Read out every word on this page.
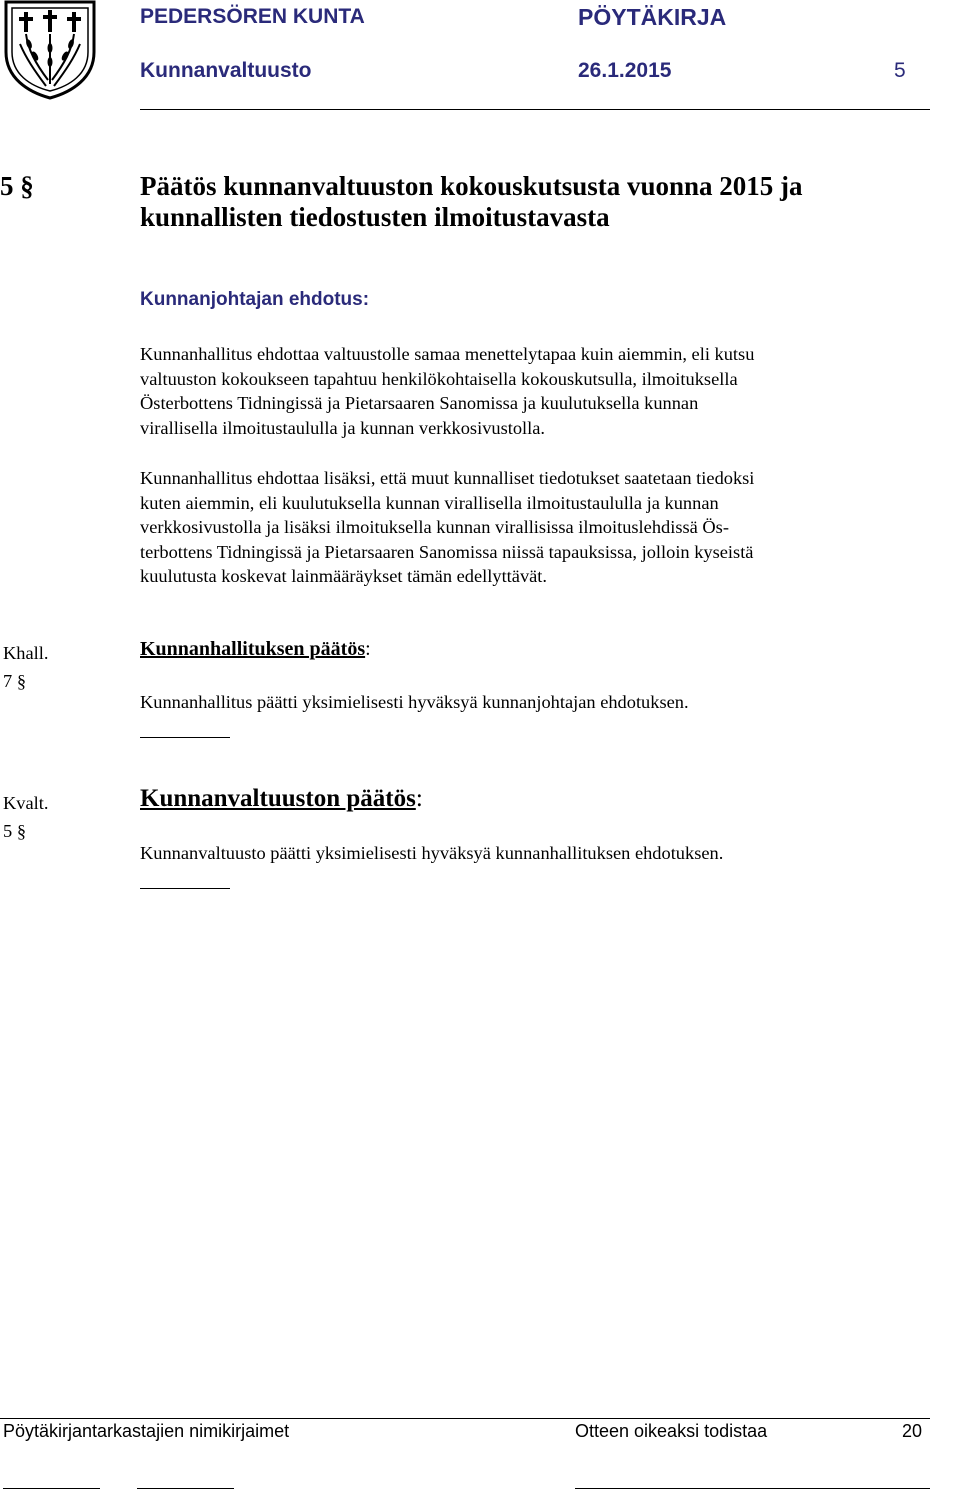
PEDERSÖREN KUNTA	PÖYTÄKIRJA
Kunnanvaltuusto	26.1.2015	5
5 §	Päätös kunnanvaltuuston kokouskutsusta vuonna 2015 ja
kunnallisten tiedostusten ilmoitustavasta
Kunnanjohtajan ehdotus:
Kunnanhallitus ehdottaa valtuustolle samaa menettelytapaa kuin aiemmin, eli kutsu
valtuuston kokoukseen tapahtuu henkilökohtaisella kokouskutsulla, ilmoituksella
Österbottens Tidningissä ja Pietarsaaren Sanomissa ja kuulutuksella kunnan
virallisella ilmoitustaululla ja kunnan verkkosivustolla.
Kunnanhallitus ehdottaa lisäksi, että muut kunnalliset tiedotukset saatetaan tiedoksi
kuten aiemmin, eli kuulutuksella kunnan virallisella ilmoitustaululla ja kunnan
verkkosivustolla ja lisäksi ilmoituksella kunnan virallisissa ilmoituslehdissä Ös-
terbottens Tidningissä ja Pietarsaaren Sanomissa niissä tapauksissa, jolloin kyseistä
kuulutusta koskevat lainmääräykset tämän edellyttävät.
Khall.
7 §
Kunnanhallituksen päätös:
Kunnanhallitus päätti yksimielisesti hyväksyä kunnanjohtajan ehdotuksen.
Kvalt.
5 §
Kunnanvaltuuston päätös:
Kunnanvaltuusto päätti yksimielisesti hyväksyä kunnanhallituksen ehdotuksen.
Pöytäkirjantarkastajien nimikirjaimet	Otteen oikeaksi todistaa	20
